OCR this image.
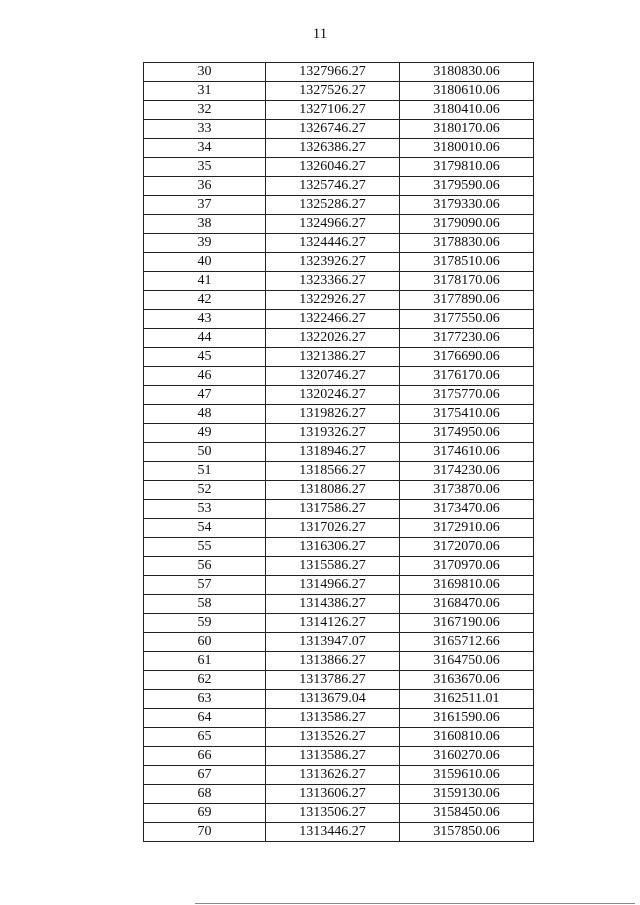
11
30	1327966.27	3180830.06
31	1327526.27	3180610.06
32	1327106.27	3180410.06
33	1326746.27	3180170.06
34	1326386.27	3180010.06
35	1326046.27	3179810.06
36	1325746.27	3179590.06
37	1325286.27	3179330.06
38	1324966.27	3179090.06
39	1324446.27	3178830.06
40	1323926.27	3178510.06
41	1323366.27	3178170.06
42	1322926.27	3177890.06
43	1322466.27	3177550.06
44	1322026.27	3177230.06
45	1321386.27	3176690.06
46	1320746.27	3176170.06
47	1320246.27	3175770.06
48	1319826.27	3175410.06
49	1319326.27	3174950.06
50	1318946.27	3174610.06
51	1318566.27	3174230.06
52	1318086.27	3173870.06
53	1317586.27	3173470.06
54	1317026.27	3172910.06
55	1316306.27	3172070.06
56	1315586.27	3170970.06
57	1314966.27	3169810.06
58	1314386.27	3168470.06
59	1314126.27	3167190.06
60	1313947.07	3165712.66
61	1313866.27	3164750.06
62	1313786.27	3163670.06
63	1313679.04	3162511.01
64	1313586.27	3161590.06
65	1313526.27	3160810.06
66	1313586.27	3160270.06
67	1313626.27	3159610.06
68	1313606.27	3159130.06
69	1313506.27	3158450.06
70	1313446.27	3157850.06
